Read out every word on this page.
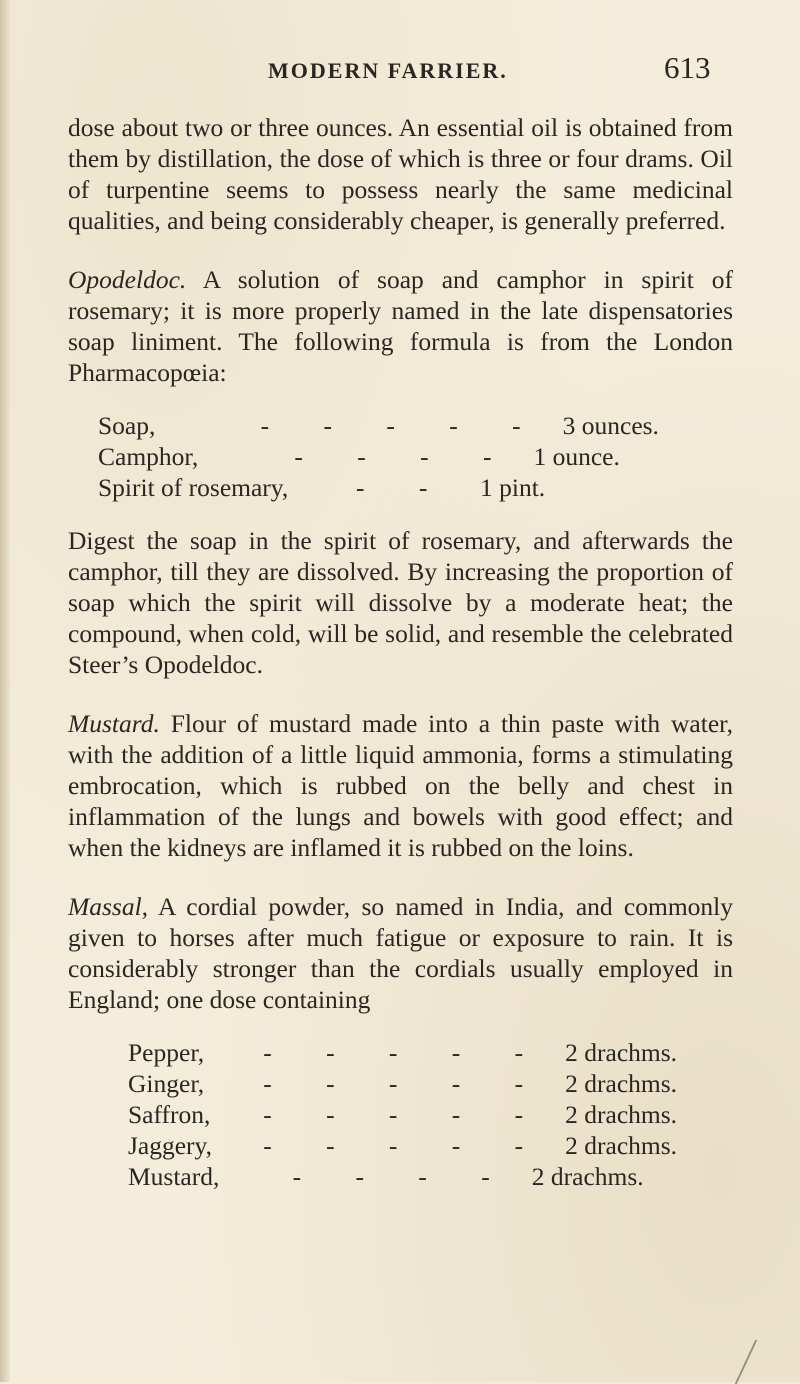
MODERN FARRIER.	613

dose about two or three ounces. An essential oil is obtained from them by distillation, the dose of which is three or four drams. Oil of turpentine seems to possess nearly the same medicinal qualities, and being considerably cheaper, is generally preferred.

Opodeldoc. A solution of soap and camphor in spirit of rosemary; it is more properly named in the late dispensatories soap liniment. The following formula is from the London Pharmacopœia:

Soap,	- - - - - 3 ounces.
Camphor,	- - - - 1 ounce.
Spirit of rosemary,	- -	1 pint.

Digest the soap in the spirit of rosemary, and afterwards the camphor, till they are dissolved. By increasing the proportion of soap which the spirit will dissolve by a moderate heat; the compound, when cold, will be solid, and resemble the celebrated Steer’s Opodeldoc.

Mustard. Flour of mustard made into a thin paste with water, with the addition of a little liquid ammonia, forms a stimulating embrocation, which is rubbed on the belly and chest in inflammation of the lungs and bowels with good effect; and when the kidneys are inflamed it is rubbed on the loins.

Massal, A cordial powder, so named in India, and commonly given to horses after much fatigue or exposure to rain. It is considerably stronger than the cordials usually employed in England; one dose containing

Pepper,	- - - - - 2 drachms.
Ginger,	- - - - - 2 drachms.
Saffron,	- - - - - 2 drachms.
Jaggery,	- - - - - 2 drachms.
Mustard,	- - - - 2 drachms.
